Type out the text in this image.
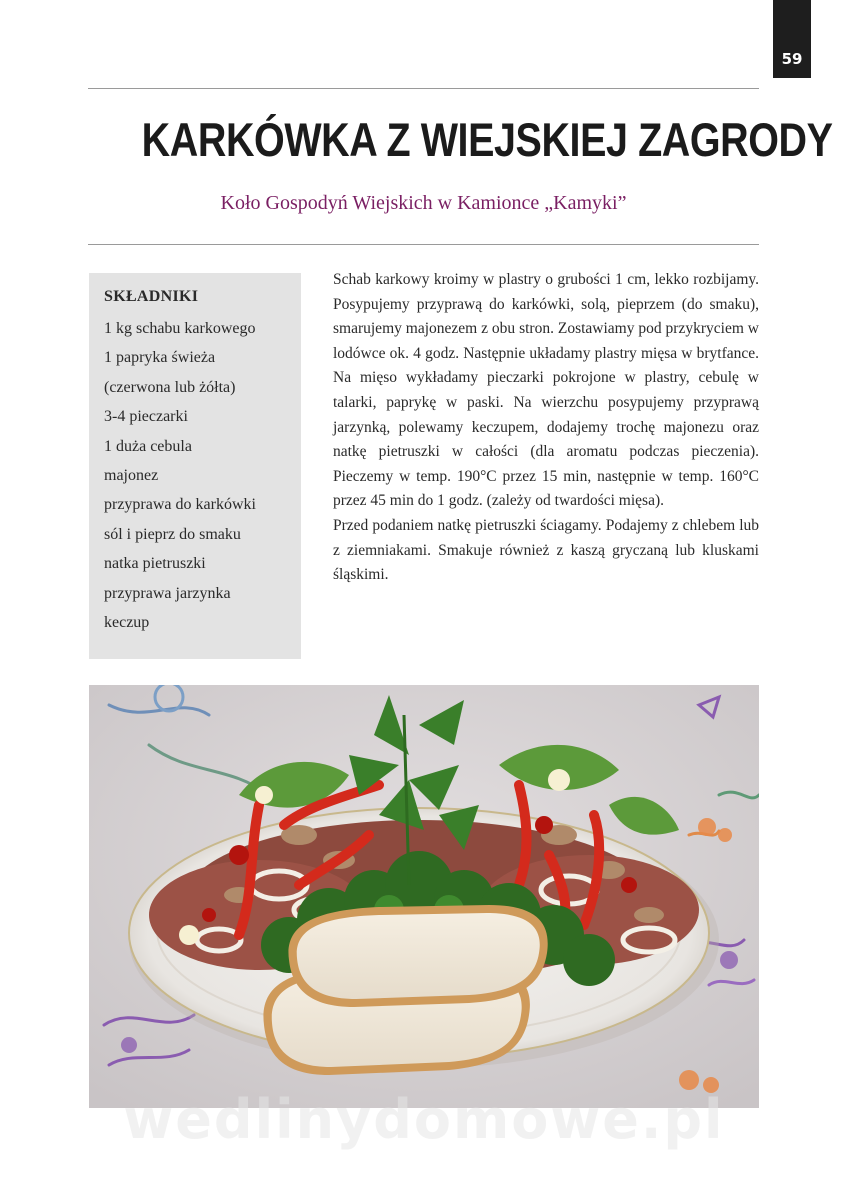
59
KARKÓWKA Z WIEJSKIEJ ZAGRODY
Koło Gospodyń Wiejskich w Kamionce „Kamyki”
SKŁADNIKI
1 kg schabu karkowego
1 papryka świeża
(czerwona lub żółta)
3-4 pieczarki
1 duża cebula
majonez
przyprawa do karkówki
sól i pieprz do smaku
natka pietruszki
przyprawa jarzynka
keczup

Schab karkowy kroimy w plastry o grubości 1 cm, lekko rozbijamy. Posypujemy przyprawą do karkówki, solą, pieprzem (do smaku), smarujemy majonezem z obu stron. Zostawiamy pod przykryciem w lodówce ok. 4 godz. Następnie układamy plastry mięsa w brytfance. Na mięso wykładamy pieczarki pokrojone w plastry, cebulę w talarki, paprykę w paski. Na wierzchu posypujemy przyprawą jarzynką, polewamy keczupem, dodajemy trochę majonezu oraz natkę pietruszki w całości (dla aromatu podczas pieczenia). Pieczemy w temp. 190°C przez 15 min, następnie w temp. 160°C przez 45 min do 1 godz. (zależy od twardości mięsa).

Przed podaniem natkę pietruszki ściagamy. Podajemy z chlebem lub z ziemniakami. Smakuje również z kaszą gryczaną lub kluskami śląskimi.

wedlinydomowe.pl
